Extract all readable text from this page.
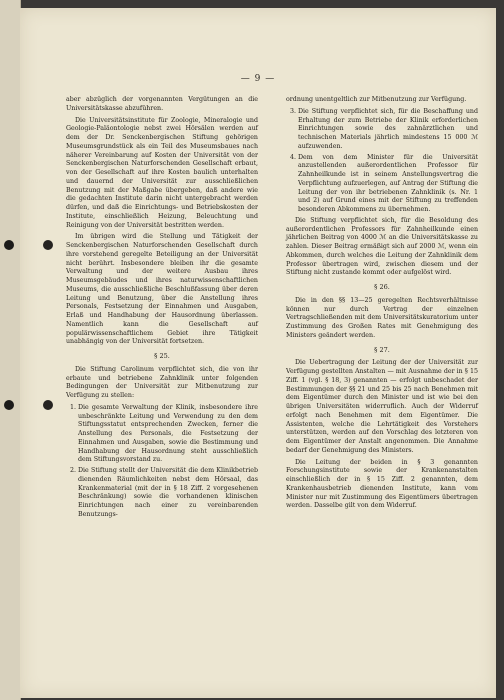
— 9 —

aber abzüglich der vorgenannten Vergütungen an die Universitätskasse abzuführen.

Die Universitätsinstitute für Zoologie, Mineralogie und Geologie-Paläontologie nebst zwei Hörsälen werden auf dem der Dr. Senckenbergischen Stiftung gehörigen Museumsgrundstück als ein Teil des Museumsbaues nach näherer Vereinbarung auf Kosten der Universität von der Senckenbergischen Naturforschenden Gesellschaft erbaut, von der Gesellschaft auf ihre Kosten baulich unterhalten und dauernd der Universität zur ausschließlichen Benutzung mit der Maßgabe übergeben, daß andere wie die gedachten Institute darin nicht untergebracht werden dürfen, und daß die Einrichtungs- und Betriebskosten der Institute, einschließlich Heizung, Beleuchtung und Reinigung von der Universität bestritten werden.

Im übrigen wird die Stellung und Tätigkeit der Senckenbergischen Naturforschenden Gesellschaft durch ihre vorstehend geregelte Beteiligung an der Universität nicht berührt. Insbesondere bleiben ihr die gesamte Verwaltung und der weitere Ausbau ihres Museumsgebäudes und ihres naturwissenschaftlichen Museums, die ausschließliche Beschlußfassung über deren Leitung und Benutzung, über die Anstellung ihres Personals, Festsetzung der Einnahmen und Ausgaben, Erlaß und Handhabung der Hausordnung überlassen. Namentlich kann die Gesellschaft auf populärwissenschaftlichem Gebiet ihre Tätigkeit unabhängig von der Universität fortsetzen.

§ 25.

Die Stiftung Carolinum verpflichtet sich, die von ihr erbaute und betriebene Zahnklinik unter folgenden Bedingungen der Universität zur Mitbenutzung zur Verfügung zu stellen:

1. Die gesamte Verwaltung der Klinik, insbesondere ihre unbeschränkte Leitung und Verwendung zu den dem Stiftungsstatut entsprechenden Zwecken, ferner die Anstellung des Personals, die Festsetzung der Einnahmen und Ausgaben, sowie die Bestimmung und Handhabung der Hausordnung steht ausschließlich dem Stiftungsvorstand zu.
2. Die Stiftung stellt der Universität die dem Klinikbetrieb dienenden Räumlichkeiten nebst dem Hörsaal, das Krankenmaterial (mit der in § 18 Ziff. 2 vorgesehenen Beschränkung) sowie die vorhandenen klinischen Einrichtungen nach einer zu vereinbarenden Benutzungs-

ordnung unentgeltlich zur Mitbenutzung zur Verfügung.

3. Die Stiftung verpflichtet sich, für die Beschaffung und Erhaltung der zum Betriebe der Klinik erforderlichen Einrichtungen sowie des zahnärztlichen und technischen Materials jährlich mindestens 15 000 ℳ aufzuwenden.
4. Dem von dem Minister für die Universität anzustellenden außerordentlichen Professor für Zahnheilkunde ist in seinem Anstellungsvertrag die Verpflichtung aufzuerlegen, auf Antrag der Stiftung die Leitung der von ihr betriebenen Zahnklinik (s. Nr. 1 und 2) auf Grund eines mit der Stiftung zu treffenden besonderen Abkommens zu übernehmen.

Die Stiftung verpflichtet sich, für die Besoldung des außerordentlichen Professors für Zahnheilkunde einen jährlichen Beitrag von 4000 ℳ an die Universitätskasse zu zahlen. Dieser Beitrag ermäßigt sich auf 2000 ℳ, wenn ein Abkommen, durch welches die Leitung der Zahnklinik dem Professor übertragen wird, zwischen diesem und der Stiftung nicht zustande kommt oder aufgelöst wird.

§ 26.

Die in den §§ 13—25 geregelten Rechtsverhältnisse können nur durch Vertrag der einzelnen Vertragschließenden mit dem Universitätskuratorium unter Zustimmung des Großen Rates mit Genehmigung des Ministers geändert werden.

§ 27.

Die Uebertragung der Leitung der der Universität zur Verfügung gestellten Anstalten — mit Ausnahme der in § 15 Ziff. 1 (vgl. § 18, 3) genannten — erfolgt unbeschadet der Bestimmungen der §§ 21 und 25 bis 25 nach Benehmen mit dem Eigentümer durch den Minister und ist wie bei den übrigen Universitäten widerruflich. Auch der Widerruf erfolgt nach Benehmen mit dem Eigentümer. Die Assistenten, welche die Lehrtätigkeit des Vorstehers unterstützen, werden auf den Vorschlag des letzteren von dem Eigentümer der Anstalt angenommen. Die Annahme bedarf der Genehmigung des Ministers.

Die Leitung der beiden in § 3 genannten Forschungsinstitute sowie der Krankenanstalten einschließlich der in § 15 Ziff. 2 genannten, dem Krankenhausbetrieb dienenden Institute, kann vom Minister nur mit Zustimmung des Eigentümers übertragen werden. Dasselbe gilt von dem Widerruf.
